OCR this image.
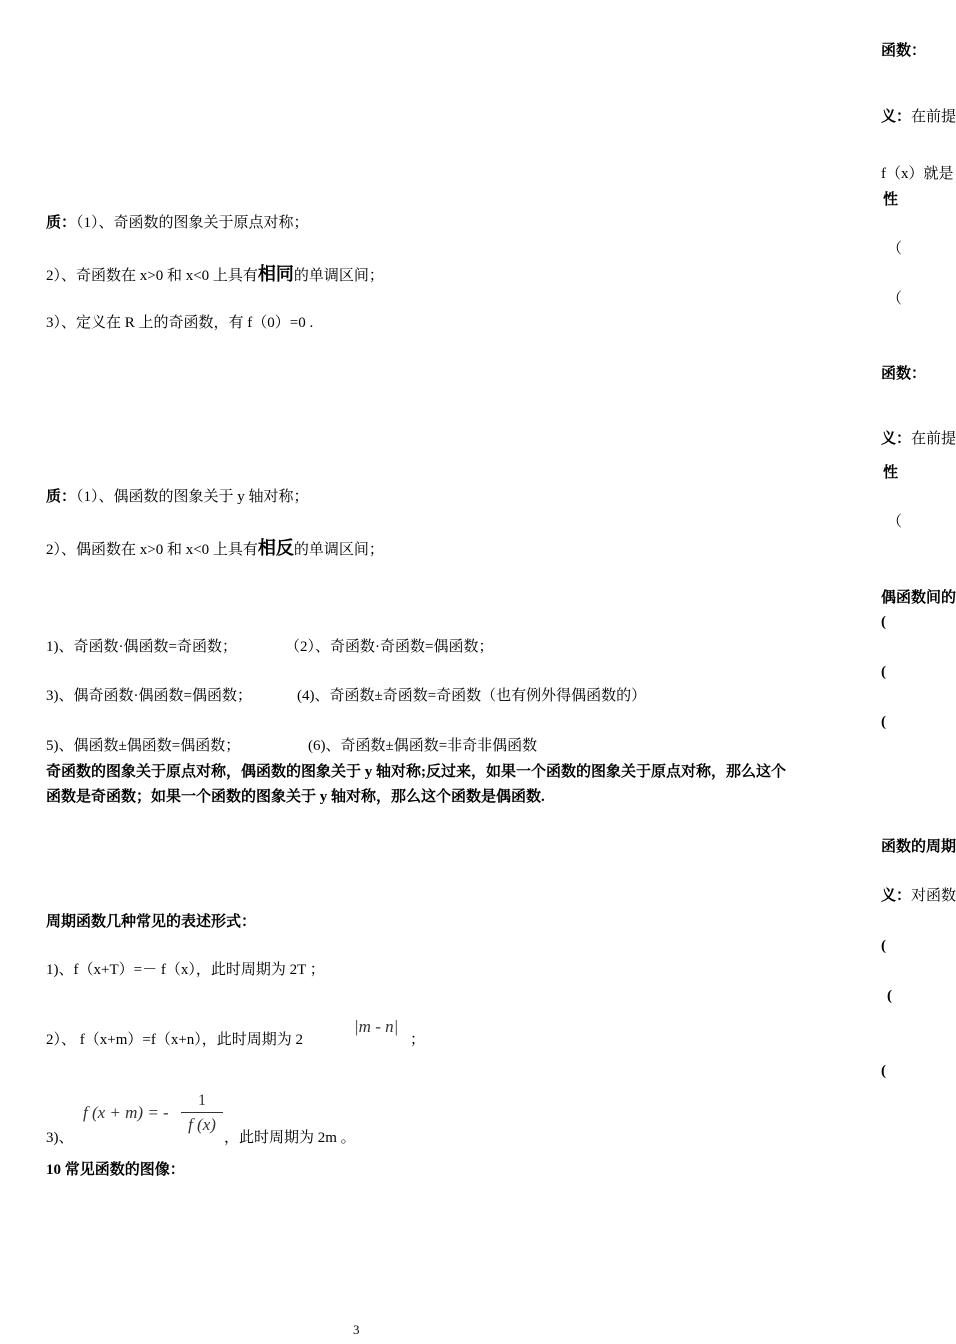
函数：
义：在前提
f（x）就是
性
（
（
函数：
义：在前提
性
（
偶函数间的
(
(
(
函数的周期
义：对函数
(
(
(
质：（1）、奇函数的图象关于原点对称；
2）、奇函数在 x>0 和 x<0 上具有相同的单调区间；
3）、定义在 R 上的奇函数，有 f（0）=0 .
质：（1）、偶函数的图象关于 y 轴对称；
2）、偶函数在 x>0 和 x<0 上具有相反的单调区间；
1)、奇函数·偶函数=奇函数；	（2）、奇函数·奇函数=偶函数；
3)、偶奇函数·偶函数=偶函数；	(4)、奇函数±奇函数=奇函数（也有例外得偶函数的）
5)、偶函数±偶函数=偶函数；	(6)、奇函数±偶函数=非奇非偶函数
奇函数的图象关于原点对称，偶函数的图象关于 y 轴对称;反过来，如果一个函数的图象关于原点对称，那么这个
函数是奇函数；如果一个函数的图象关于 y 轴对称，那么这个函数是偶函数.
周期函数几种常见的表述形式：
1)、f（x+T）=－ f（x），此时周期为 2T ；
2）、 f（x+m）=f（x+n），此时周期为 2
|m - n|
；
3)、
f (x + m) = -
1
f (x)
，此时周期为 2m 。
10 常见函数的图像：
3
